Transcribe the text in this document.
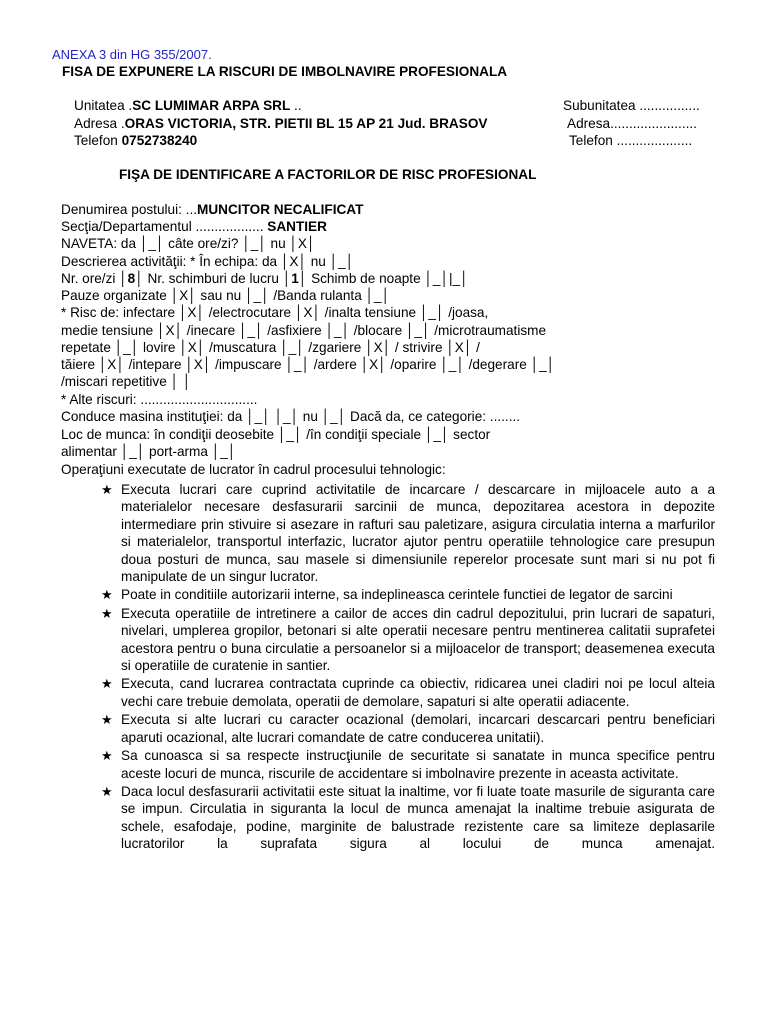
ANEXA 3 din HG 355/2007.
FISA DE EXPUNERE LA RISCURI DE IMBOLNAVIRE PROFESIONALA
Unitatea .SC LUMIMAR ARPA SRL ..
Adresa .ORAS VICTORIA, STR. PIETII BL 15 AP 21 Jud. BRASOV
Telefon 0752738240
Subunitatea ................
Adresa.......................
Telefon ....................
FIŞA DE IDENTIFICARE A FACTORILOR DE RISC PROFESIONAL
Denumirea postului: ...MUNCITOR NECALIFICAT
Secţia/Departamentul .................. SANTIER
NAVETA: da │_│ câte ore/zi? │_│ nu │X│
Descrierea activităţii: * În echipa: da │X│ nu │_│
Nr. ore/zi │8│ Nr. schimburi de lucru │1│ Schimb de noapte │_│|_│
Pauze organizate │X│ sau nu │_│ /Banda rulanta │_│
* Risc de: infectare │X│ /electrocutare │X│ /inalta tensiune │_│ /joasa,
medie tensiune │X│ /inecare │_│ /asfixiere │_│ /blocare │_│ /microtraumatisme
repetate │_│ lovire │X│ /muscatura │_│ /zgariere │X│ / strivire │X│ /
tăiere │X│ /intepare │X│ /impuscare │_│ /ardere │X│ /oparire │_│ /degerare │_│
/miscari repetitive │ │
* Alte riscuri: ...............................
Conduce masina instituţiei: da │_│ │_│ nu │_│ Dacă da, ce categorie: ........
Loc de munca: în condiţii deosebite │_│ /în condiţii speciale │_│ sector
alimentar │_│ port-arma │_│
Operaţiuni executate de lucrator în cadrul procesului tehnologic:
★ Executa lucrari care cuprind activitatile de incarcare / descarcare in mijloacele auto a a materialelor necesare desfasurarii sarcinii de munca, depozitarea acestora in depozite intermediare prin stivuire si asezare in rafturi sau paletizare, asigura circulatia interna a marfurilor si materialelor, transportul interfazic, lucrator ajutor pentru operatiile tehnologice care presupun doua posturi de munca, sau masele si dimensiunile reperelor procesate sunt mari si nu pot fi manipulate de un singur lucrator.
★ Poate in conditiile autorizarii interne, sa indeplineasca cerintele functiei de legator de sarcini
★ Executa operatiile de intretinere a cailor de acces din cadrul depozitului, prin lucrari de sapaturi, nivelari, umplerea gropilor, betonari si alte operatii necesare pentru mentinerea calitatii suprafetei acestora pentru o buna circulatie a persoanelor si a mijloacelor de transport; deasemenea executa si operatiile de curatenie in santier.
★ Executa, cand lucrarea contractata cuprinde ca obiectiv, ridicarea unei cladiri noi pe locul alteia vechi care trebuie demolata, operatii de demolare, sapaturi si alte operatii adiacente.
★ Executa si alte lucrari cu caracter ocazional (demolari, incarcari descarcari pentru beneficiari aparuti ocazional, alte lucrari comandate de catre conducerea unitatii).
★ Sa cunoasca si sa respecte instrucţiunile de securitate si sanatate in munca specifice pentru aceste locuri de munca, riscurile de accidentare si imbolnavire prezente in aceasta activitate.
★ Daca locul desfasurarii activitatii este situat la inaltime, vor fi luate toate masurile de siguranta care se impun. Circulatia in siguranta la locul de munca amenajat la inaltime trebuie asigurata de schele, esafodaje, podine, marginite de balustrade rezistente care sa limiteze deplasarile lucratorilor la suprafata sigura al locului de munca amenajat.
